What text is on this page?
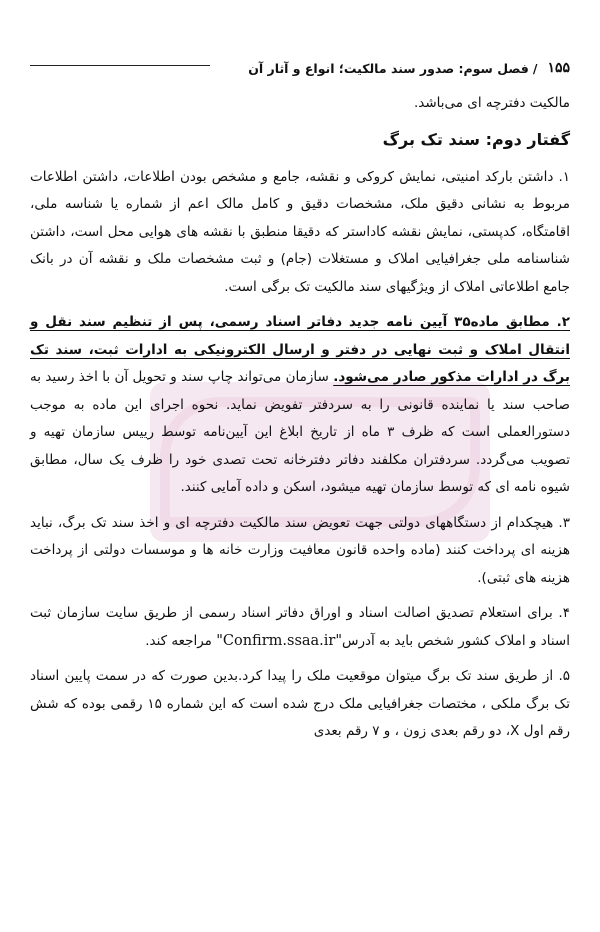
۱۵۵
/
فصل سوم: صدور سند مالکیت؛ انواع و آثار آن

مالکیت دفترچه ای می‌باشد.

گفتار دوم: سند تک برگ

۱. داشتن بارکد امنیتی، نمایش کروکی و نقشه، جامع و مشخص بودن اطلاعات، داشتن اطلاعات مربوط به نشانی دقیق ملک، مشخصات دقیق و کامل مالک اعم از شماره یا شناسه ملی، اقامتگاه، کدپستی، نمایش نقشه کاداستر که دقیقا منطبق با نقشه های هوایی محل است، داشتن شناسنامه ملی جغرافیایی املاک و مستغلات (جام) و ثبت مشخصات ملک و نقشه آن در بانک جامع اطلاعاتی املاک از ویژگیهای سند مالکیت تک برگی است.

۲. مطابق ماده۳۵ آیین نامه جدید دفاتر اسناد رسمی، پس از تنظیم سند نقل و انتقال املاک و ثبت نهایی در دفتر و ارسال الکترونیکی به ادارات ثبت، سند تک برگ در ادارات مذکور صادر می‌شود. سازمان می‌تواند چاپ سند و تحویل آن با اخذ رسید به صاحب سند یا نماینده قانونی را به سردفتر تفویض نماید. نحوه اجرای این ماده به موجب دستورالعملی است که ظرف ۳ ماه از تاریخ ابلاغ این آیین‌نامه توسط رییس سازمان تهیه و تصویب می‌گردد. سردفتران مکلفند دفاتر دفترخانه تحت تصدی خود را ظرف یک سال، مطابق شیوه نامه ای که توسط سازمان تهیه میشود، اسکن و داده آمایی کنند.

۳. هیچکدام از دستگاههای دولتی جهت تعویض سند مالکیت دفترچه ای و اخذ سند تک برگ، نباید هزینه ای پرداخت کنند (ماده واحده قانون معافیت وزارت خانه ها و موسسات دولتی از پرداخت هزینه های ثبتی).

۴. برای استعلام تصدیق اصالت اسناد و اوراق دفاتر اسناد رسمی از طریق سایت سازمان ثبت اسناد و املاک کشور شخص باید به آدرس"Confirm.ssaa.ir" مراجعه کند.

۵. از طریق سند تک برگ میتوان موقعیت ملک را پیدا کرد.بدین صورت که در سمت پایین اسناد تک برگ ملکی ، مختصات جغرافیایی ملک درج شده است که این شماره ۱۵ رقمی بوده که شش رقم اول X، دو رقم بعدی زون ، و ۷ رقم بعدی
